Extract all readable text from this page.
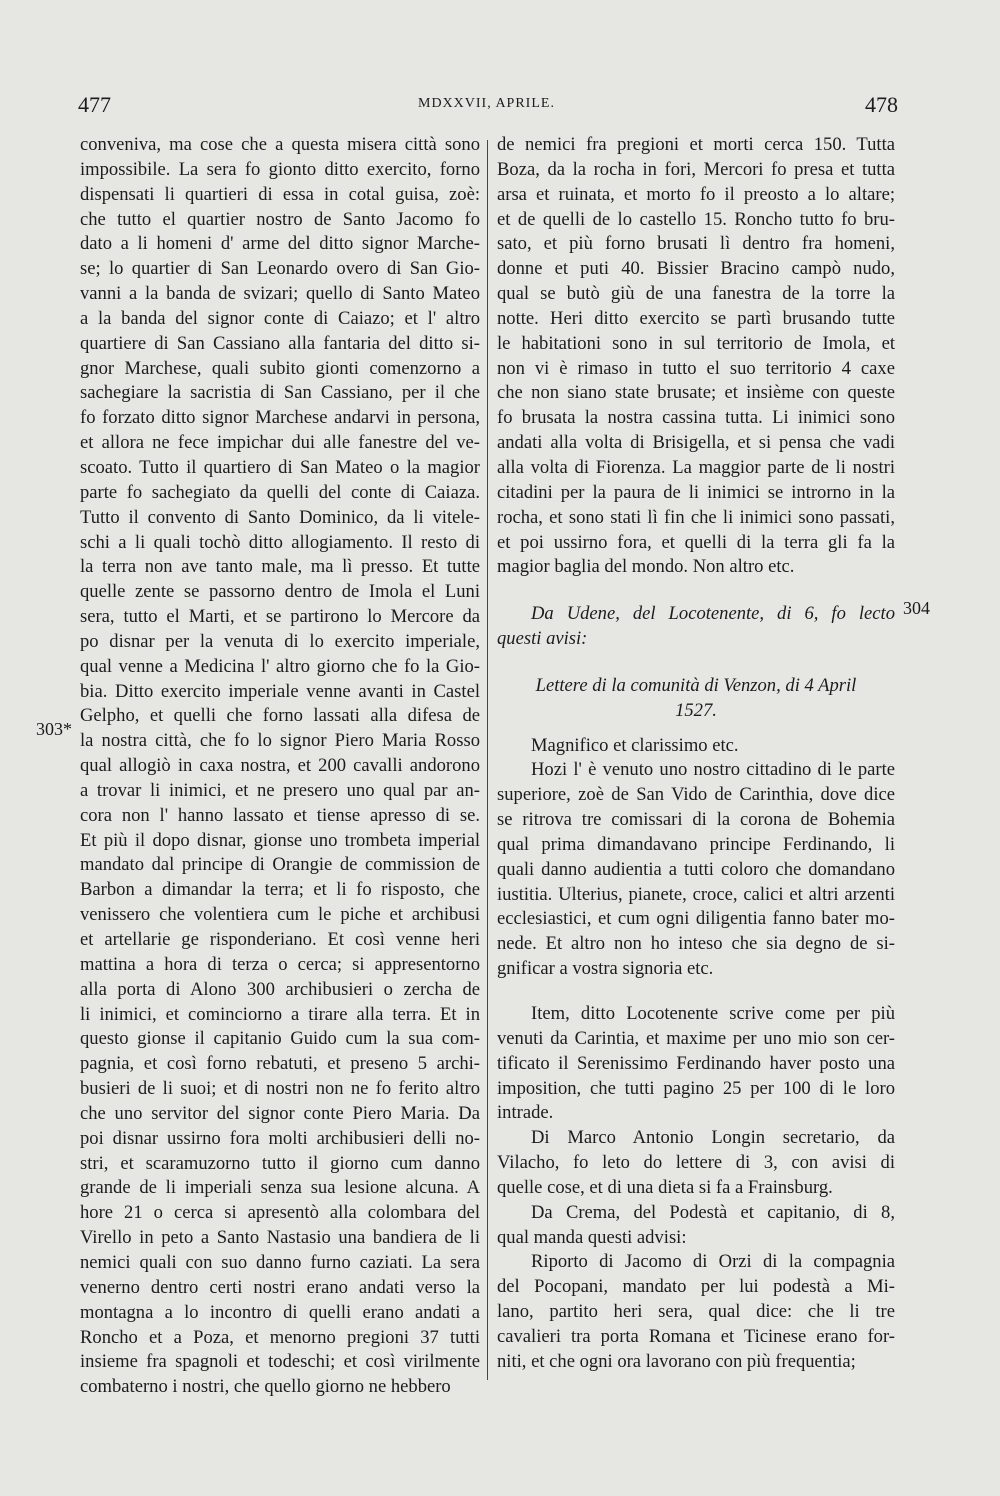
477	MDXXVII, APRILE.	478
303*
304
conveniva, ma cose che a questa misera città sono
impossibile. La sera fo gionto ditto exercito, forno
dispensati li quartieri di essa in cotal guisa, zoè:
che tutto el quartier nostro de Santo Jacomo fo
dato a li homeni d' arme del ditto signor Marche-
se; lo quartier di San Leonardo overo di San Gio-
vanni a la banda de svizari; quello di Santo Mateo
a la banda del signor conte di Caiazo; et l' altro
quartiere di San Cassiano alla fantaria del ditto si-
gnor Marchese, quali subito gionti comenzorno a
sachegiare la sacristia di San Cassiano, per il che
fo forzato ditto signor Marchese andarvi in persona,
et allora ne fece impichar dui alle fanestre del ve-
scoato. Tutto il quartiero di San Mateo o la magior
parte fo sachegiato da quelli del conte di Caiaza.
Tutto il convento di Santo Dominico, da li vitele-
schi a li quali tochò ditto allogiamento. Il resto di
la terra non ave tanto male, ma lì presso. Et tutte
quelle zente se passorno dentro de Imola el Luni
sera, tutto el Marti, et se partirono lo Mercore da
po disnar per la venuta di lo exercito imperiale,
qual venne a Medicina l' altro giorno che fo la Gio-
bia. Ditto exercito imperiale venne avanti in Castel
Gelpho, et quelli che forno lassati alla difesa de
la nostra città, che fo lo signor Piero Maria Rosso
qual allogiò in caxa nostra, et 200 cavalli andorono
a trovar li inimici, et ne presero uno qual par an-
cora non l' hanno lassato et tiense apresso di se.
Et più il dopo disnar, gionse uno trombeta imperial
mandato dal principe di Orangie de commission de
Barbon a dimandar la terra; et li fo risposto, che
venissero che volentiera cum le piche et archibusi
et artellarie ge risponderiano. Et così venne heri
mattina a hora di terza o cerca; si appresentorno
alla porta di Alono 300 archibusieri o zercha de
li inimici, et cominciorno a tirare alla terra. Et in
questo gionse il capitanio Guido cum la sua com-
pagnia, et così forno rebatuti, et preseno 5 archi-
busieri de li suoi; et di nostri non ne fo ferito altro
che uno servitor del signor conte Piero Maria. Da
poi disnar ussirno fora molti archibusieri delli no-
stri, et scaramuzorno tutto il giorno cum danno
grande de li imperiali senza sua lesione alcuna. A
hore 21 o cerca si apresentò alla colombara del
Virello in peto a Santo Nastasio una bandiera de li
nemici quali con suo danno furno caziati. La sera
venerno dentro certi nostri erano andati verso la
montagna a lo incontro di quelli erano andati a
Roncho et a Poza, et menorno pregioni 37 tutti
insieme fra spagnoli et todeschi; et così virilmente
combaterno i nostri, che quello giorno ne hebbero
de nemici fra pregioni et morti cerca 150. Tutta
Boza, da la rocha in fori, Mercori fo presa et tutta
arsa et ruinata, et morto fo il preosto a lo altare;
et de quelli de lo castello 15. Roncho tutto fo bru-
sato, et più forno brusati lì dentro fra homeni,
donne et puti 40. Bissier Bracino campò nudo,
qual se butò giù de una fanestra de la torre la
notte. Heri ditto exercito se partì brusando tutte
le habitationi sono in sul territorio de Imola, et
non vi è rimaso in tutto el suo territorio 4 caxe
che non siano state brusate; et insième con queste
fo brusata la nostra cassina tutta. Li inimici sono
andati alla volta di Brisigella, et si pensa che vadi
alla volta di Fiorenza. La maggior parte de li nostri
citadini per la paura de li inimici se introrno in la
rocha, et sono stati lì fin che li inimici sono passati,
et poi ussirno fora, et quelli di la terra gli fa la
magior baglia del mondo. Non altro etc.
Da Udene, del Locotenente, di 6, fo lecto
questi avisi:
Lettere di la comunità di Venzon, di 4 April
1527.
Magnifico et clarissimo etc.
Hozi l' è venuto uno nostro cittadino di le parte
superiore, zoè de San Vido de Carinthia, dove dice
se ritrova tre comissari di la corona de Bohemia
qual prima dimandavano principe Ferdinando, li
quali danno audientia a tutti coloro che domandano
iustitia. Ulterius, pianete, croce, calici et altri arzenti
ecclesiastici, et cum ogni diligentia fanno bater mo-
nede. Et altro non ho inteso che sia degno de si-
gnificar a vostra signoria etc.
Item, ditto Locotenente scrive come per più
venuti da Carintia, et maxime per uno mio son cer-
tificato il Serenissimo Ferdinando haver posto una
imposition, che tutti pagino 25 per 100 di le loro
intrade.
Di Marco Antonio Longin secretario, da
Vilacho, fo leto do lettere di 3, con avisi di
quelle cose, et di una dieta si fa a Frainsburg.
Da Crema, del Podestà et capitanio, di 8,
qual manda questi advisi:
Riporto di Jacomo di Orzi di la compagnia
del Pocopani, mandato per lui podestà a Mi-
lano, partito heri sera, qual dice: che li tre
cavalieri tra porta Romana et Ticinese erano for-
niti, et che ogni ora lavorano con più frequentia;
